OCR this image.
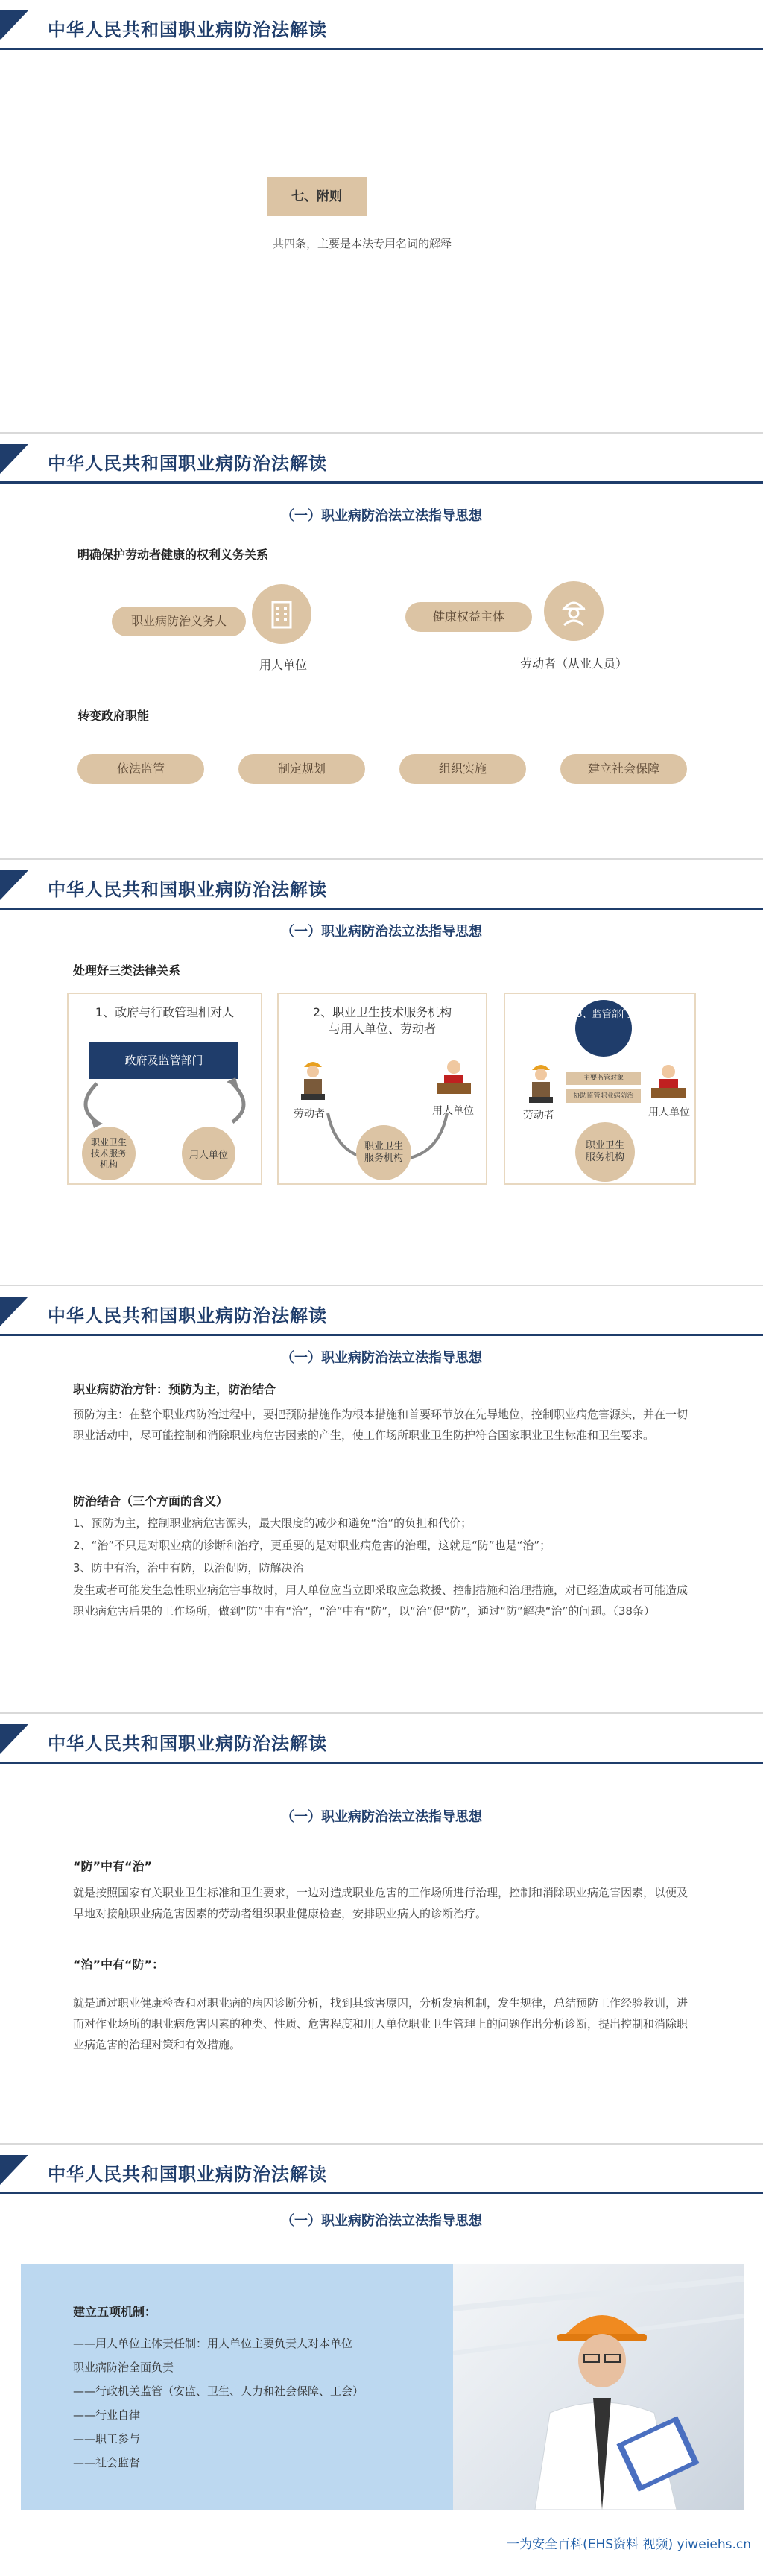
中华人民共和国职业病防治法解读
七、附则
共四条，主要是本法专用名词的解释
中华人民共和国职业病防治法解读
（一）职业病防治法立法指导思想
明确保护劳动者健康的权利义务关系
职业病防治义务人
用人单位
健康权益主体
劳动者（从业人员）
转变政府职能
依法监管	制定规划	组织实施	建立社会保障
中华人民共和国职业病防治法解读
（一）职业病防治法立法指导思想
处理好三类法律关系
1、政府与行政管理相对人
政府及监管部门
职业卫生技术服务机构
用人单位
2、职业卫生技术服务机构
与用人单位、劳动者
劳动者	用人单位
职业卫生服务机构
3、监管部门
劳动者
主要监管对象
协助监管职业病防治
用人单位
职业卫生服务机构
中华人民共和国职业病防治法解读
（一）职业病防治法立法指导思想
职业病防治方针：预防为主，防治结合
预防为主：在整个职业病防治过程中，要把预防措施作为根本措施和首要环节放在先导地位，控制职业病危害源头，并在一切职业活动中，尽可能控制和消除职业病危害因素的产生，使工作场所职业卫生防护符合国家职业卫生标准和卫生要求。
防治结合（三个方面的含义）
1、预防为主，控制职业病危害源头，最大限度的减少和避免“治”的负担和代价；
2、“治”不只是对职业病的诊断和治疗，更重要的是对职业病危害的治理，这就是“防”也是“治”；
3、防中有治，治中有防，以治促防，防解决治
发生或者可能发生急性职业病危害事故时，用人单位应当立即采取应急救援、控制措施和治理措施，对已经造成或者可能造成职业病危害后果的工作场所，做到“防”中有“治”，“治”中有“防”，以“治”促“防”，通过“防”解决“治”的问题。（38条）
中华人民共和国职业病防治法解读
（一）职业病防治法立法指导思想
“防”中有“治”
就是按照国家有关职业卫生标准和卫生要求，一边对造成职业危害的工作场所进行治理，控制和消除职业病危害因素，以便及早地对接触职业病危害因素的劳动者组织职业健康检查，安排职业病人的诊断治疗。
“治”中有“防”：
就是通过职业健康检查和对职业病的病因诊断分析，找到其致害原因，分析发病机制，发生规律，总结预防工作经验教训，进而对作业场所的职业病危害因素的种类、性质、危害程度和用人单位职业卫生管理上的问题作出分析诊断，提出控制和消除职业病危害的治理对策和有效措施。
中华人民共和国职业病防治法解读
（一）职业病防治法立法指导思想
建立五项机制：
——用人单位主体责任制：用人单位主要负责人对本单位
职业病防治全面负责
——行政机关监管（安监、卫生、人力和社会保障、工会）
——行业自律
——职工参与
——社会监督
一为安全百科(EHS资料 视频) yiweiehs.cn
